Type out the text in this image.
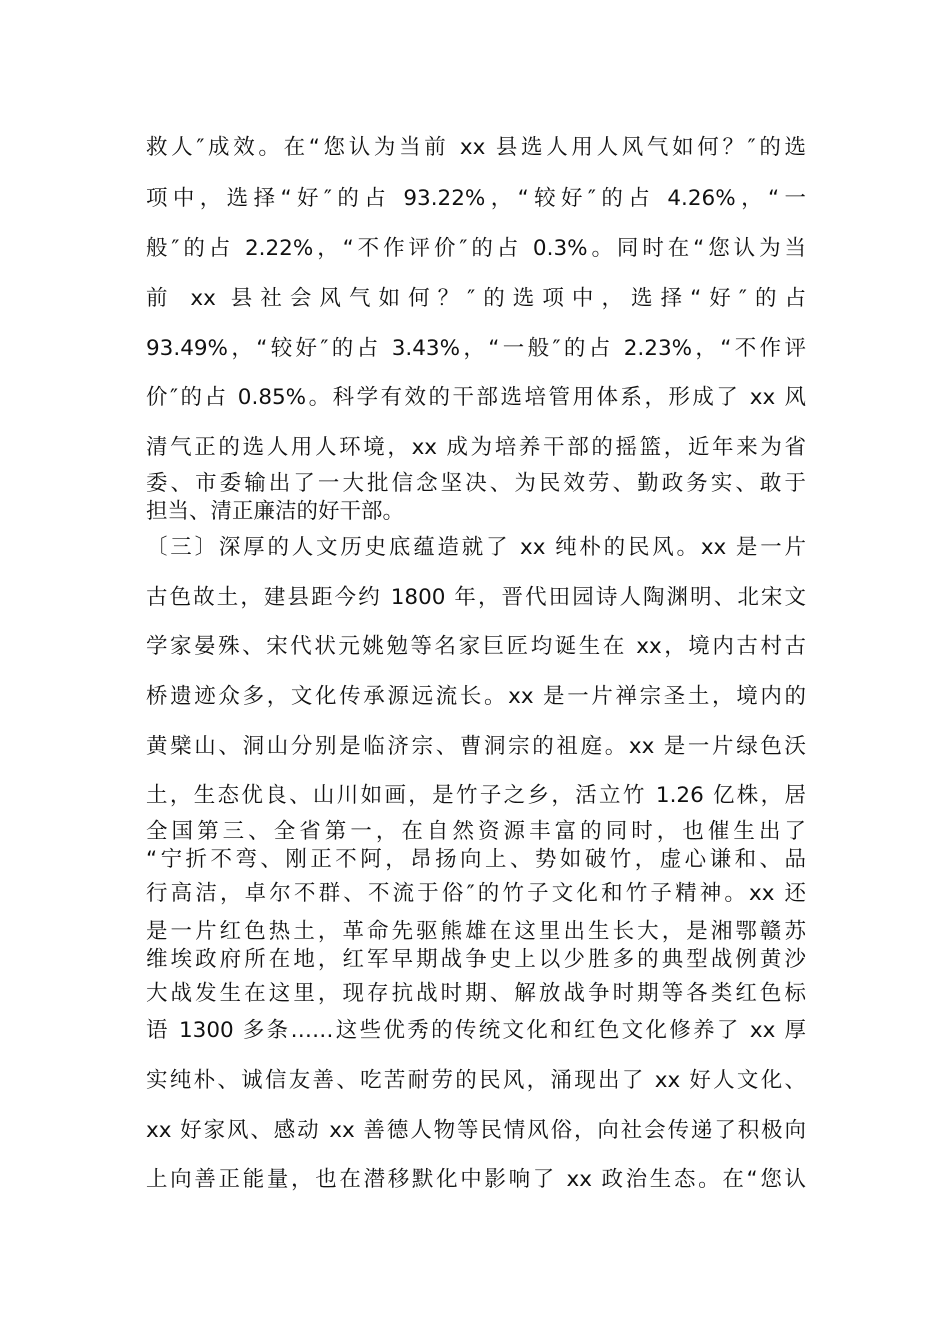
救人″成效。在“您认为当前 xx 县选人用人风气如何？″的选
项中，选择“好″的占 93.22%，“较好″的占 4.26%，“一
般″的占 2.22%，“不作评价″的占 0.3%。同时在“您认为当
前 xx 县社会风气如何？″的选项中，选择“好″的占
93.49%，“较好″的占 3.43%，“一般″的占 2.23%，“不作评
价″的占 0.85%。科学有效的干部选培管用体系，形成了 xx 风
清气正的选人用人环境，xx 成为培养干部的摇篮，近年来为省
委、市委输出了一大批信念坚决、为民效劳、勤政务实、敢于
担当、清正廉洁的好干部。
〔三〕深厚的人文历史底蕴造就了 xx 纯朴的民风。xx 是一片
古色故土，建县距今约 1800 年，晋代田园诗人陶渊明、北宋文
学家晏殊、宋代状元姚勉等名家巨匠均诞生在 xx，境内古村古
桥遗迹众多，文化传承源远流长。xx 是一片禅宗圣土，境内的
黄檗山、洞山分别是临济宗、曹洞宗的祖庭。xx 是一片绿色沃
土，生态优良、山川如画，是竹子之乡，活立竹 1.26 亿株，居
全国第三、全省第一，在自然资源丰富的同时，也催生出了
“宁折不弯、刚正不阿，昂扬向上、势如破竹，虚心谦和、品
行高洁，卓尔不群、不流于俗″的竹子文化和竹子精神。xx 还
是一片红色热土，革命先驱熊雄在这里出生长大，是湘鄂赣苏
维埃政府所在地，红军早期战争史上以少胜多的典型战例黄沙
大战发生在这里，现存抗战时期、解放战争时期等各类红色标
语 1300 多条……这些优秀的传统文化和红色文化修养了 xx 厚
实纯朴、诚信友善、吃苦耐劳的民风，涌现出了 xx 好人文化、
xx 好家风、感动 xx 善德人物等民情风俗，向社会传递了积极向
上向善正能量，也在潜移默化中影响了 xx 政治生态。在“您认
